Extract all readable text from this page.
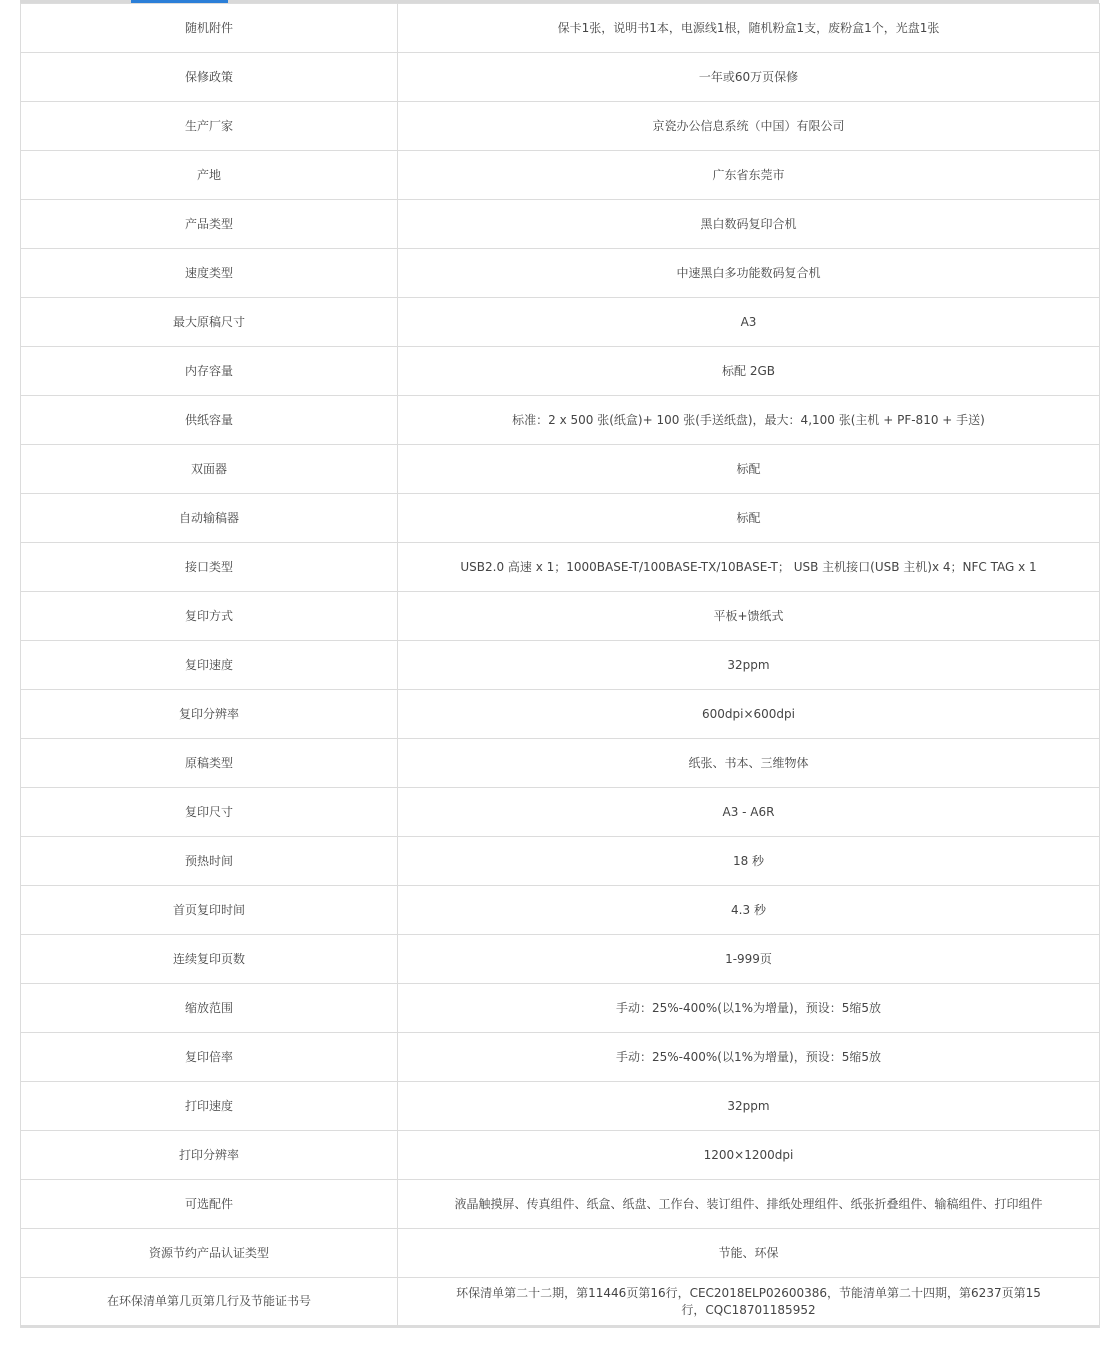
随机附件	保卡1张，说明书1本，电源线1根，随机粉盒1支，废粉盒1个，光盘1张
保修政策	一年或60万页保修
生产厂家	京瓷办公信息系统（中国）有限公司
产地	广东省东莞市
产品类型	黑白数码复印合机
速度类型	中速黑白多功能数码复合机
最大原稿尺寸	A3
内存容量	标配 2GB
供纸容量	标准：2 x 500 张(纸盒)+ 100 张(手送纸盘)，最大：4,100 张(主机 + PF-810 + 手送)
双面器	标配
自动输稿器	标配
接口类型	USB2.0 高速 x 1；1000BASE-T/100BASE-TX/10BASE-T； USB 主机接口(USB 主机)x 4；NFC TAG x 1
复印方式	平板+馈纸式
复印速度	32ppm
复印分辨率	600dpi×600dpi
原稿类型	纸张、书本、三维物体
复印尺寸	A3 - A6R
预热时间	18 秒
首页复印时间	4.3 秒
连续复印页数	1-999页
缩放范围	手动：25%-400%(以1%为增量)，预设：5缩5放
复印倍率	手动：25%-400%(以1%为增量)，预设：5缩5放
打印速度	32ppm
打印分辨率	1200×1200dpi
可选配件	液晶触摸屏、传真组件、纸盒、纸盘、工作台、装订组件、排纸处理组件、纸张折叠组件、输稿组件、打印组件
资源节约产品认证类型	节能、环保
在环保清单第几页第几行及节能证书号	环保清单第二十二期，第11446页第16行，CEC2018ELP02600386，节能清单第二十四期，第6237页第15行，CQC18701185952
